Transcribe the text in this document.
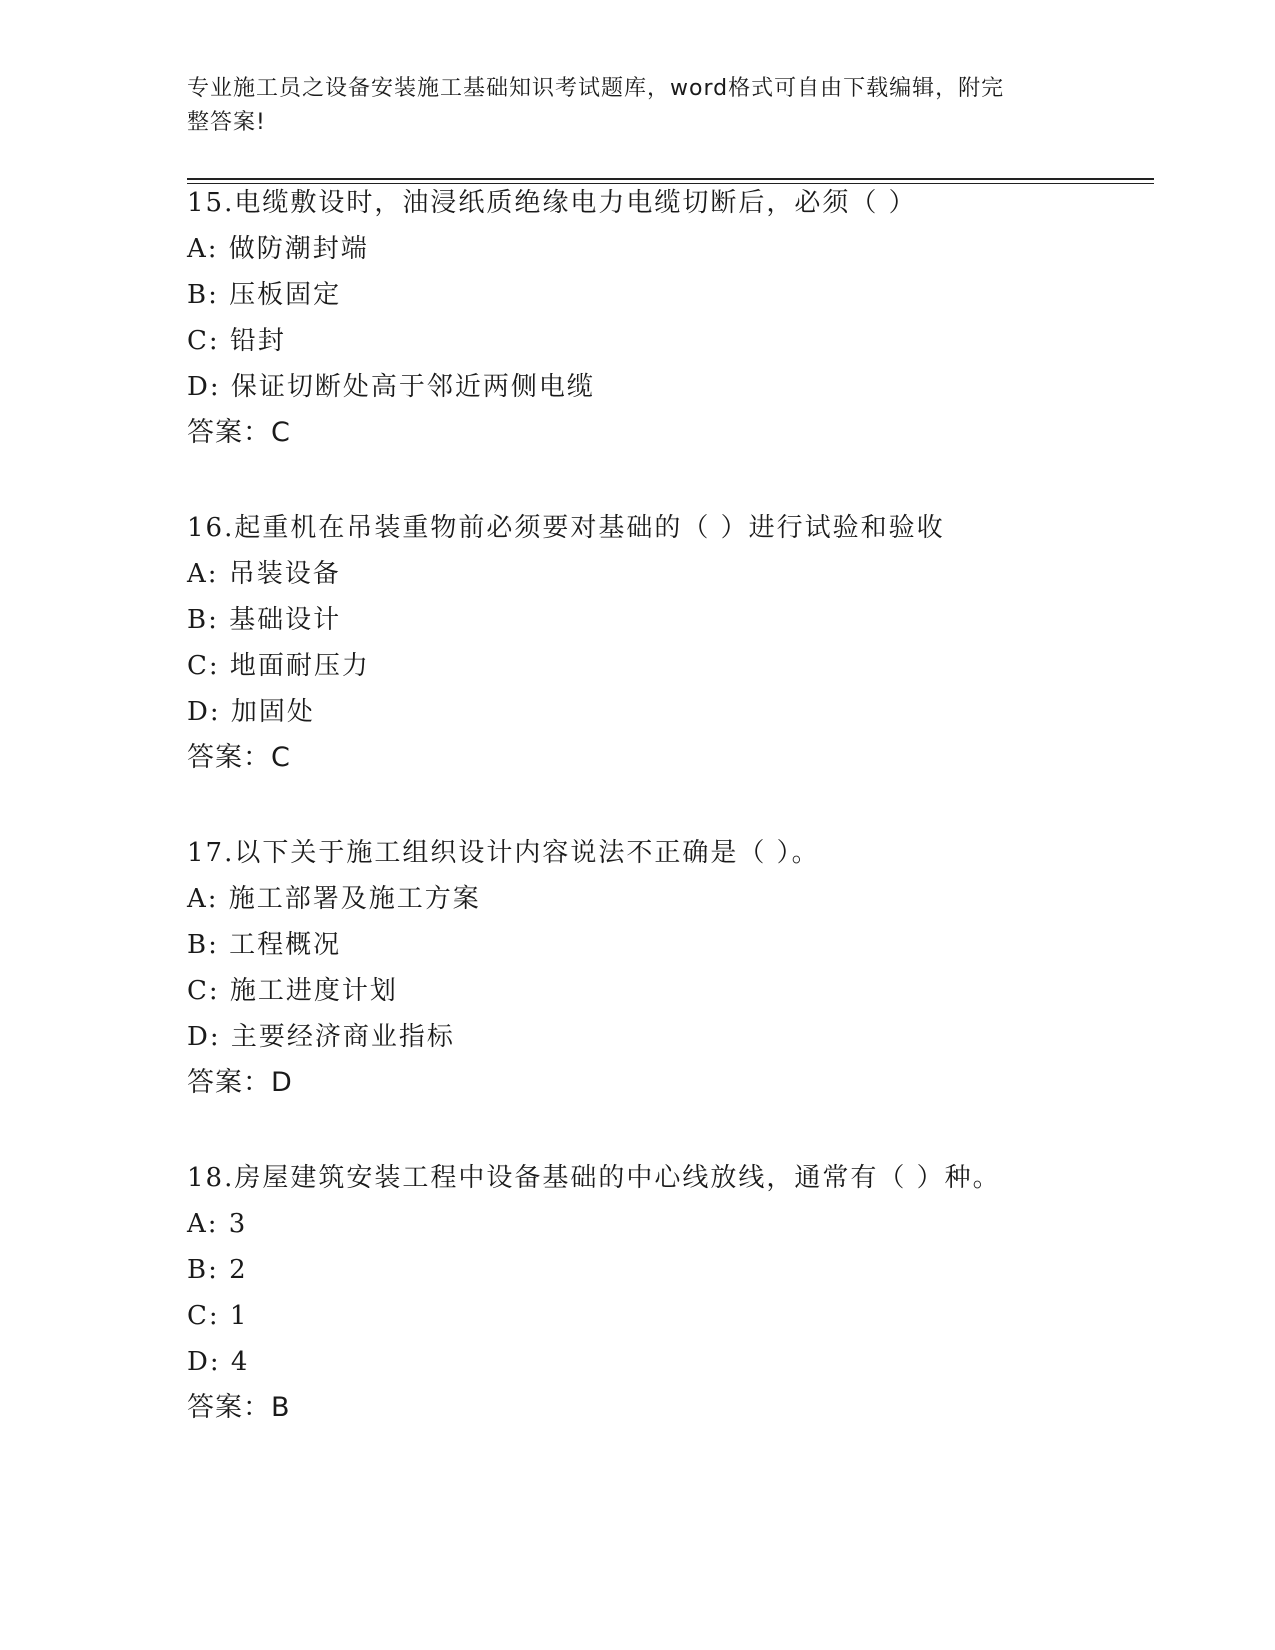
专业施工员之设备安装施工基础知识考试题库，word格式可自由下载编辑，附完
整答案!
15.电缆敷设时，油浸纸质绝缘电力电缆切断后，必须（ ）
A: 做防潮封端
B: 压板固定
C: 铅封
D: 保证切断处高于邻近两侧电缆
答案：C
16.起重机在吊装重物前必须要对基础的（ ）进行试验和验收
A: 吊装设备
B: 基础设计
C: 地面耐压力
D: 加固处
答案：C
17.以下关于施工组织设计内容说法不正确是（ ）。
A: 施工部署及施工方案
B: 工程概况
C: 施工进度计划
D: 主要经济商业指标
答案：D
18.房屋建筑安装工程中设备基础的中心线放线，通常有（ ）种。
A: 3
B: 2
C: 1
D: 4
答案：B
